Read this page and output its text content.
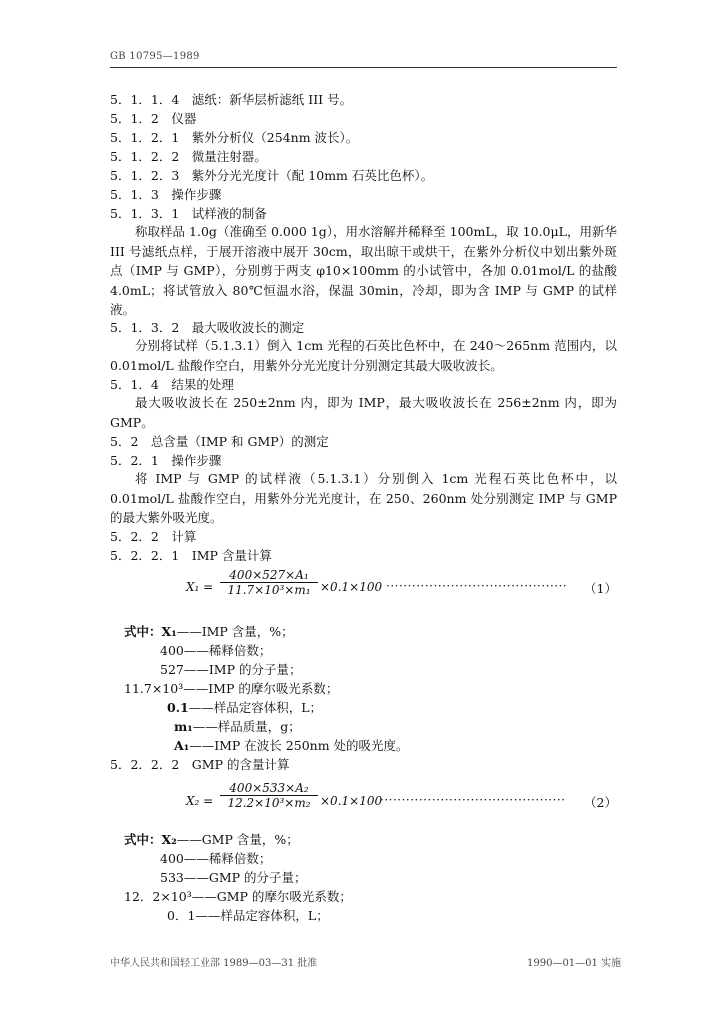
GB 10795—1989
5．1．1．4　滤纸：新华层析滤纸 III 号。
5．1．2　仪器
5．1．2．1　紫外分析仪（254nm 波长）。
5．1．2．2　微量注射器。
5．1．2．3　紫外分光光度计（配 10mm 石英比色杯）。
5．1．3　操作步骤
5．1．3．1　试样液的制备
称取样品 1.0g（准确至 0.000 1g），用水溶解并稀释至 100mL，取 10.0μL，用新华 III 号滤纸点样，于展开溶液中展开 30cm，取出晾干或烘干，在紫外分析仪中划出紫外斑点（IMP 与 GMP），分别剪于两支 φ10×100mm 的小试管中，各加 0.01mol/L 的盐酸 4.0mL；将试管放入 80℃恒温水浴，保温 30min，冷却，即为含 IMP 与 GMP 的试样液。
5．1．3．2　最大吸收波长的测定
分别将试样（5.1.3.1）倒入 1cm 光程的石英比色杯中，在 240～265nm 范围内，以 0.01mol/L 盐酸作空白，用紫外分光光度计分别测定其最大吸收波长。
5．1．4　结果的处理
最大吸收波长在 250±2nm 内，即为 IMP，最大吸收波长在 256±2nm 内，即为 GMP。
5．2　总含量（IMP 和 GMP）的测定
5．2．1　操作步骤
将 IMP 与 GMP 的试样液（5.1.3.1）分别倒入 1cm 光程石英比色杯中，以 0.01mol/L 盐酸作空白，用紫外分光光度计，在 250、260nm 处分别测定 IMP 与 GMP 的最大紫外吸光度。
5．2．2　计算
5．2．2．1　IMP 含量计算
$X_1 = \frac{\text{400×527×A₁}}{\text{11.7×10³×m₁}} \times 0.1\times 100$ ·········································· （1）
式中：X₁——IMP 含量，%；
400——稀释倍数；
527——IMP 的分子量；
11.7×10³——IMP 的摩尔吸光系数；
0.1——样品定容体积，L；
m₁——样品质量，g；
A₁——IMP 在波长 250nm 处的吸光度。
5．2．2．2　GMP 的含量计算
$X_2 = \frac{\text{400×533×A₂}}{\text{12.2×10³×m₂}} \times 0.1\times 100$
··········································· （2）
式中：X₂——GMP 含量，%；
400——稀释倍数；
533——GMP 的分子量；
12．2×10³——GMP 的摩尔吸光系数；
0．1——样品定容体积，L；
中华人民共和国轻工业部 1989—03—31 批准	1990—01—01 实施
